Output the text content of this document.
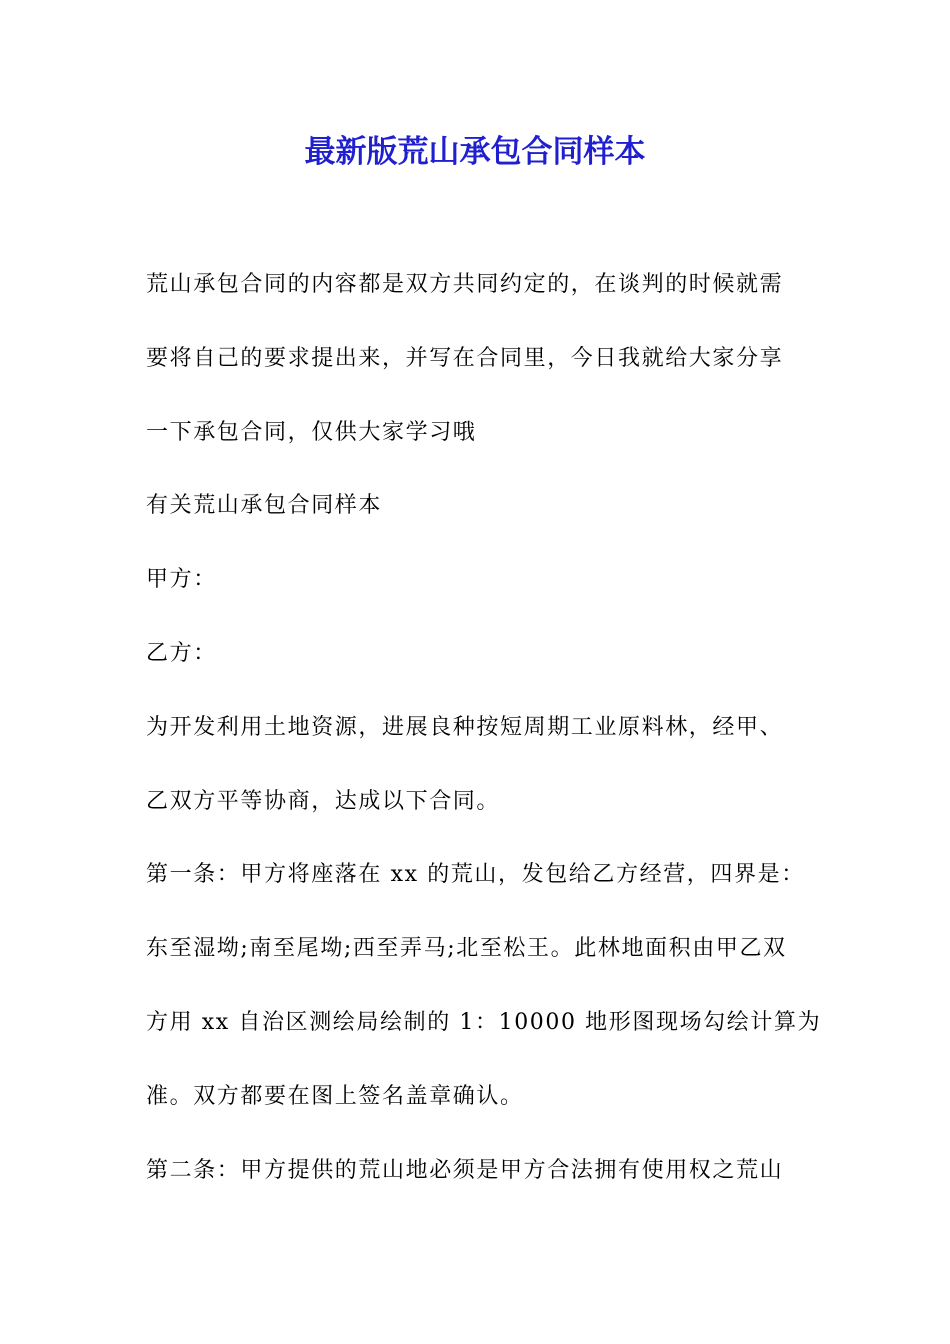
最新版荒山承包合同样本
荒山承包合同的内容都是双方共同约定的，在谈判的时候就需
要将自己的要求提出来，并写在合同里，今日我就给大家分享
一下承包合同，仅供大家学习哦
有关荒山承包合同样本
甲方：
乙方：
为开发利用土地资源，进展良种按短周期工业原料林，经甲、
乙双方平等协商，达成以下合同。
第一条：甲方将座落在 xx 的荒山，发包给乙方经营，四界是：
东至湿坳;南至尾坳;西至弄马;北至松王。此林地面积由甲乙双
方用 xx 自治区测绘局绘制的 1：10000 地形图现场勾绘计算为
准。双方都要在图上签名盖章确认。
第二条：甲方提供的荒山地必须是甲方合法拥有使用权之荒山
